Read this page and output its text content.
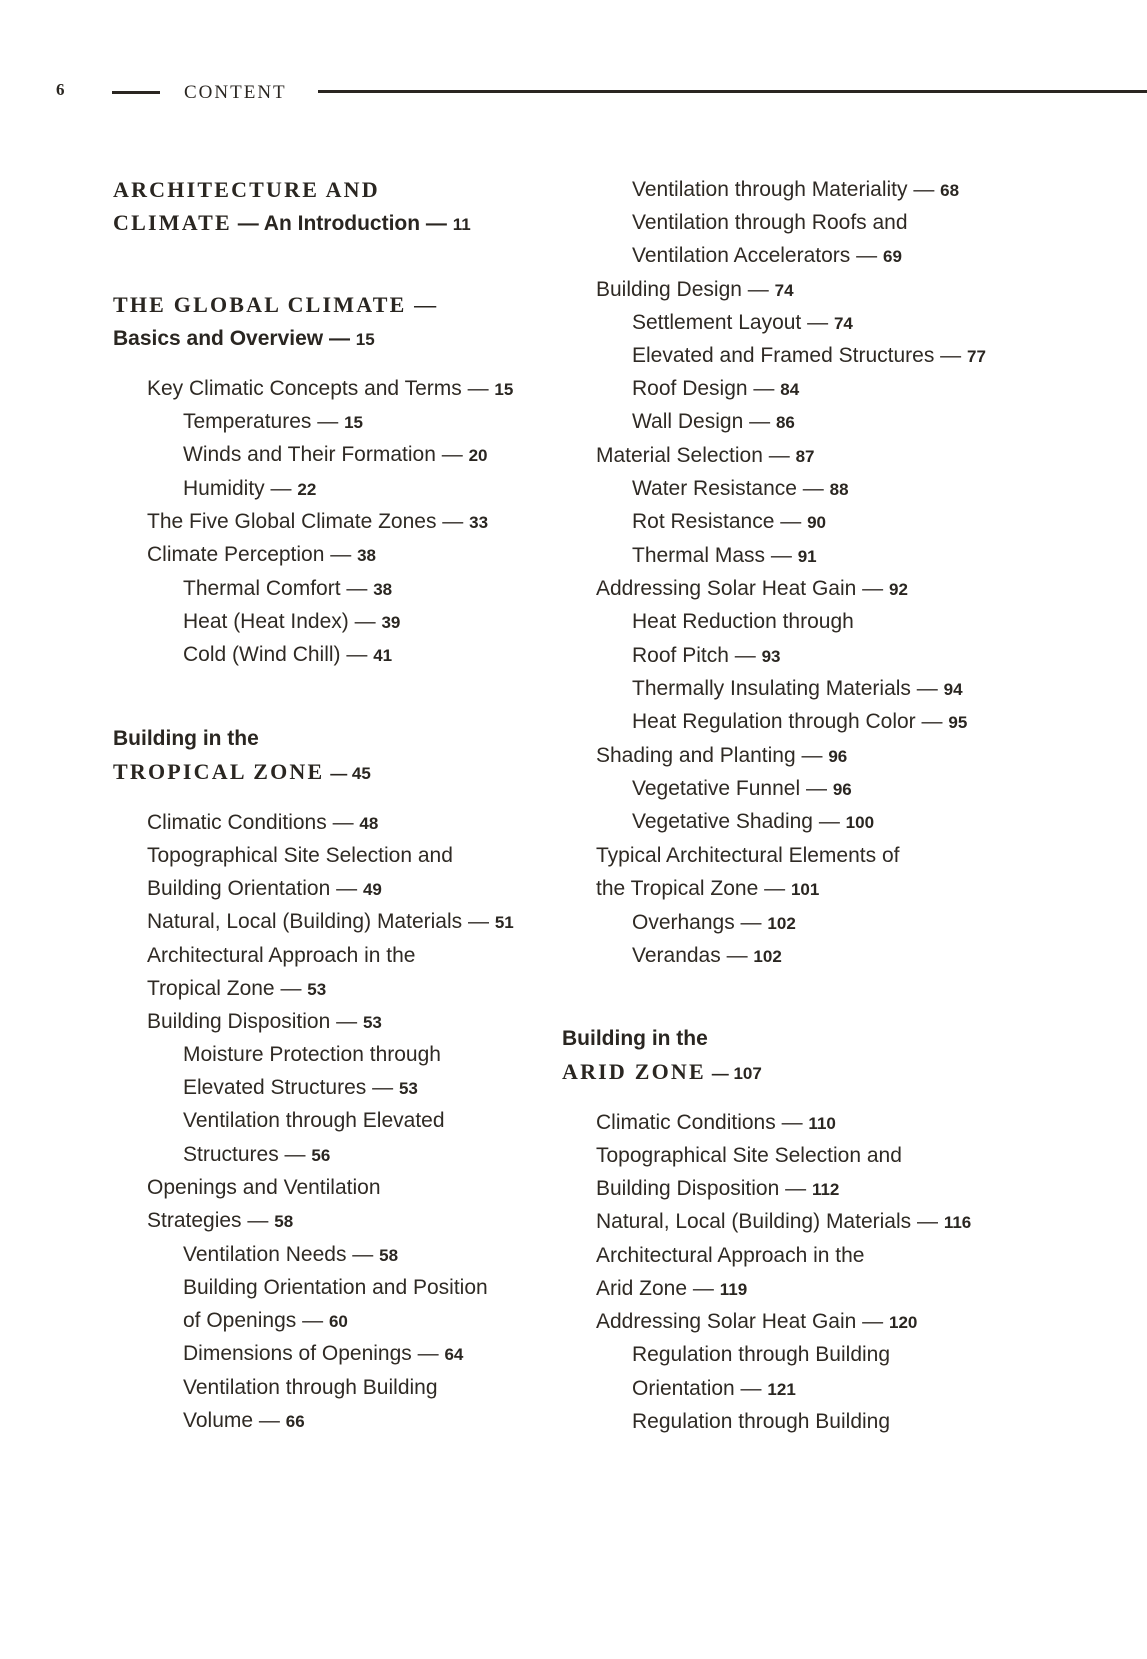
6	CONTENT
ARCHITECTURE AND
CLIMATE — An Introduction — 11
THE GLOBAL CLIMATE —
Basics and Overview — 15
Key Climatic Concepts and Terms — 15
Temperatures — 15
Winds and Their Formation — 20
Humidity — 22
The Five Global Climate Zones — 33
Climate Perception — 38
Thermal Comfort — 38
Heat (Heat Index) — 39
Cold (Wind Chill) — 41
Building in the
TROPICAL ZONE — 45
Climatic Conditions — 48
Topographical Site Selection and
Building Orientation — 49
Natural, Local (Building) Materials — 51
Architectural Approach in the
Tropical Zone — 53
Building Disposition — 53
Moisture Protection through
Elevated Structures — 53
Ventilation through Elevated
Structures — 56
Openings and Ventilation
Strategies — 58
Ventilation Needs — 58
Building Orientation and Position
of Openings — 60
Dimensions of Openings — 64
Ventilation through Building
Volume — 66
Ventilation through Materiality — 68
Ventilation through Roofs and
Ventilation Accelerators — 69
Building Design — 74
Settlement Layout — 74
Elevated and Framed Structures — 77
Roof Design — 84
Wall Design — 86
Material Selection — 87
Water Resistance — 88
Rot Resistance — 90
Thermal Mass — 91
Addressing Solar Heat Gain — 92
Heat Reduction through
Roof Pitch — 93
Thermally Insulating Materials — 94
Heat Regulation through Color — 95
Shading and Planting — 96
Vegetative Funnel — 96
Vegetative Shading — 100
Typical Architectural Elements of
the Tropical Zone — 101
Overhangs — 102
Verandas — 102
Building in the
ARID ZONE — 107
Climatic Conditions — 110
Topographical Site Selection and
Building Disposition — 112
Natural, Local (Building) Materials — 116
Architectural Approach in the
Arid Zone — 119
Addressing Solar Heat Gain — 120
Regulation through Building
Orientation — 121
Regulation through Building
